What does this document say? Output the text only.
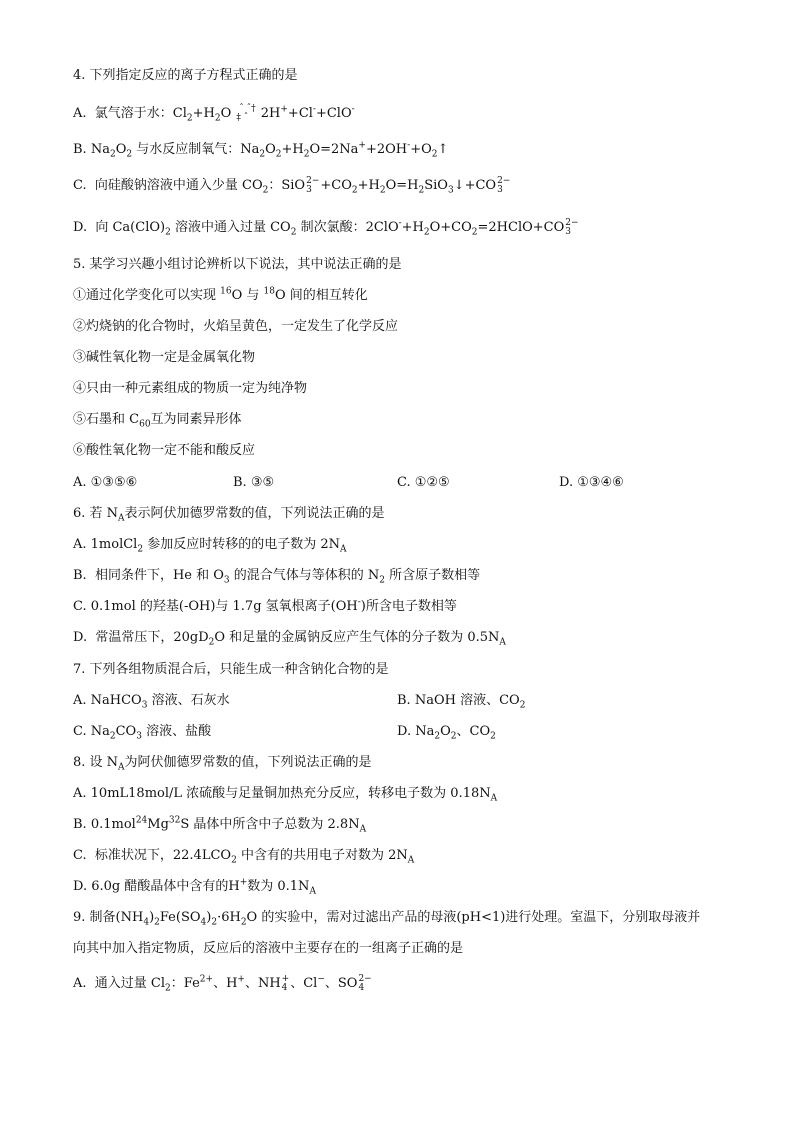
4. 下列指定反应的离子方程式正确的是
A.  氯气溶于水：$Cl_2+H_2O$ ˆ ˆ†
‡ ˆ 2H++Cl-+ClO-
B. $Na_2O_2$ 与水反应制氧气：$Na_2O_2+H_2O=2Na^++2OH^-+O_2↑$
C.  向硅酸钠溶液中通入少量 $CO_2$：SiO 2−
$3 +CO_2+H_2O=H_2SiO_3↓+CO$ 2−
3
D.  向 $Ca(ClO)_2$ 溶液中通入过量 $CO_2$ 制次氯酸：$2ClO^-+H_2O+CO_2=2HClO+CO$ 2−
3
5. 某学习兴趣小组讨论辨析以下说法，其中说法正确的是
①通过化学变化可以实现 $^{16}$O 与 $^{18}$O 间的相互转化
②灼烧钠的化合物时，火焰呈黄色，一定发生了化学反应
③碱性氧化物一定是金属氧化物
④只由一种元素组成的物质一定为纯净物
⑤石墨和 $C_{60}$互为同素异形体
⑥酸性氧化物一定不能和酸反应
A. ①③⑤⑥	B. ③⑤	C. ①②⑤	D. ①③④⑥
6. 若 $N_A$表示阿伏加德罗常数的值，下列说法正确的是
A. 1molCl$_2$ 参加反应时转移的的电子数为 $2N_A$
B.  相同条件下，He 和 $O_3$ 的混合气体与等体积的 $N_2$ 所含原子数相等
C. 0.1mol 的羟基(-OH)与 1.7g 氢氧根离子(OH-)所含电子数相等
D.  常温常压下，$20gD_2O$ 和足量的金属钠反应产生气体的分子数为 $0.5N_A$
7. 下列各组物质混合后，只能生成一种含钠化合物的是
A. NaHCO$_3$ 溶液、石灰水	B. NaOH 溶液、$CO_2$
C. $Na_2CO_3$ 溶液、盐酸	D. $Na_2O_2$、$CO_2$
8. 设 $N_A$为阿伏伽德罗常数的值，下列说法正确的是
A. 10mL18mol/L 浓硫酸与足量铜加热充分反应，转移电子数为 $0.18N_A$
B. 0.1mol$^{24}$Mg$^{32}$S 晶体中所含中子总数为 $2.8N_A$
C.  标准状况下，$22.4LCO_2$ 中含有的共用电子对数为 $2N_A$
D. 6.0g 醋酸晶体中含有的H+数为 $0.1N_A$
9. 制备$(NH_4)_2Fe(SO_4)_2\cdot 6H_2O$ 的实验中，需对过滤出产品的母液(pH<1)进行处理。室温下，分别取母液并
向其中加入指定物质，反应后的溶液中主要存在的一组离子正确的是
A.  通入过量 $Cl_2$：$Fe^{2+}$、H+、NH +
4 、Cl−、SO 2−
4
